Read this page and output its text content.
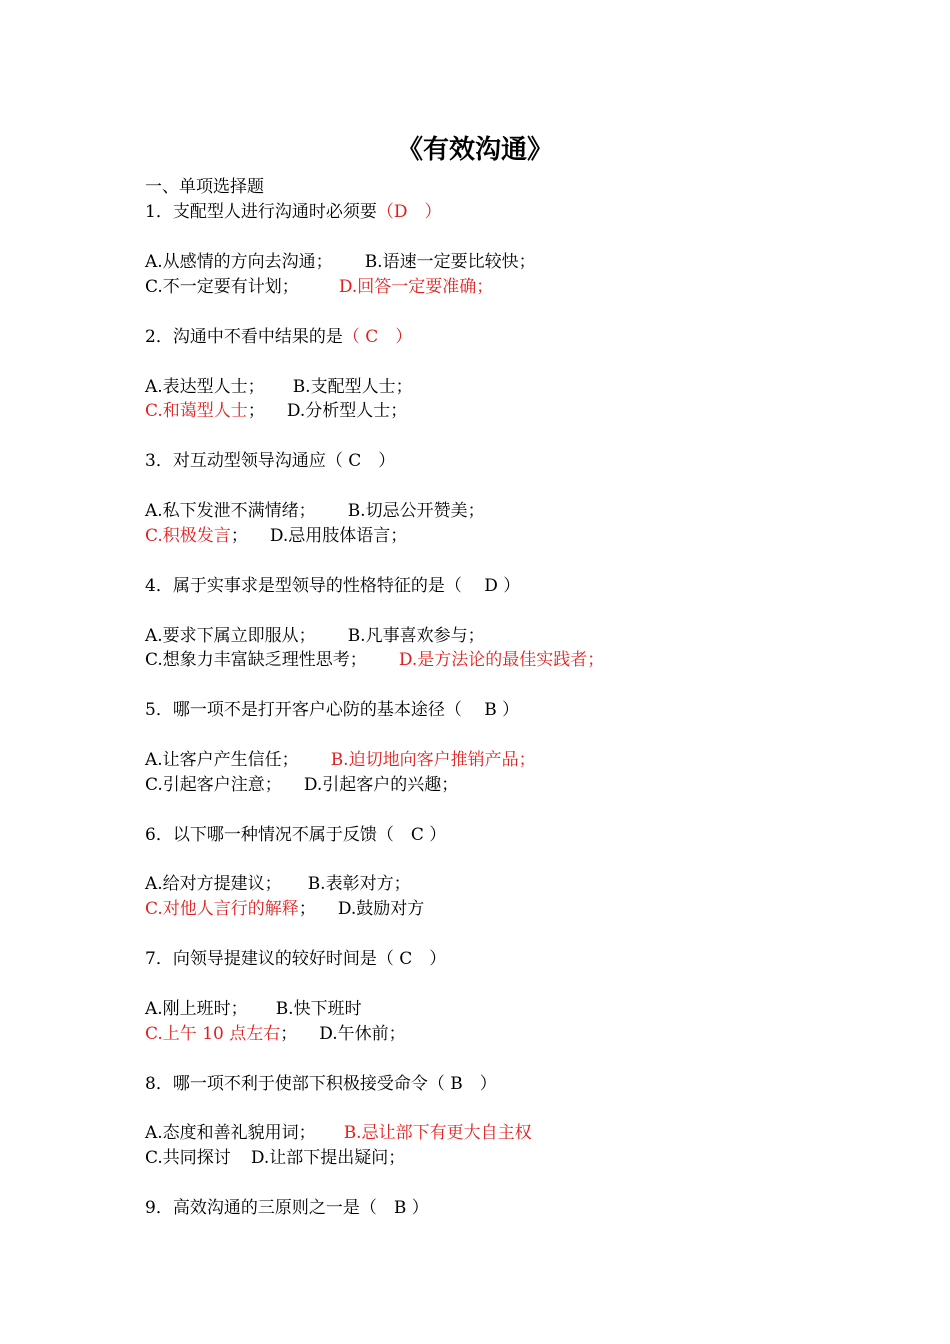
《有效沟通》
一、单项选择题
1．支配型人进行沟通时必须要（D　）
A.从感情的方向去沟通； B.语速一定要比较快；
C.不一定要有计划； D.回答一定要准确；
2．沟通中不看中结果的是（ C　）
A.表达型人士； B.支配型人士；
C.和蔼型人士； D.分析型人士；
3．对互动型领导沟通应（ C　）
A.私下发泄不满情绪； B.切忌公开赞美；
C.积极发言； D.忌用肢体语言；
4．属于实事求是型领导的性格特征的是（　 D ）
A.要求下属立即服从； B.凡事喜欢参与；
C.想象力丰富缺乏理性思考； D.是方法论的最佳实践者；
5．哪一项不是打开客户心防的基本途径（　 B ）
A.让客户产生信任； B.迫切地向客户推销产品；
C.引起客户注意； D.引起客户的兴趣；
6．以下哪一种情况不属于反馈（　C ）
A.给对方提建议； B.表彰对方；
C.对他人言行的解释； D.鼓励对方
7．向领导提建议的较好时间是（ C　）
A.刚上班时； B.快下班时
C.上午 10 点左右； D.午休前；
8．哪一项不利于使部下积极接受命令（ B　）
A.态度和善礼貌用词； B.忌让部下有更大自主权
C.共同探讨 D.让部下提出疑问；
9．高效沟通的三原则之一是（　B ）
